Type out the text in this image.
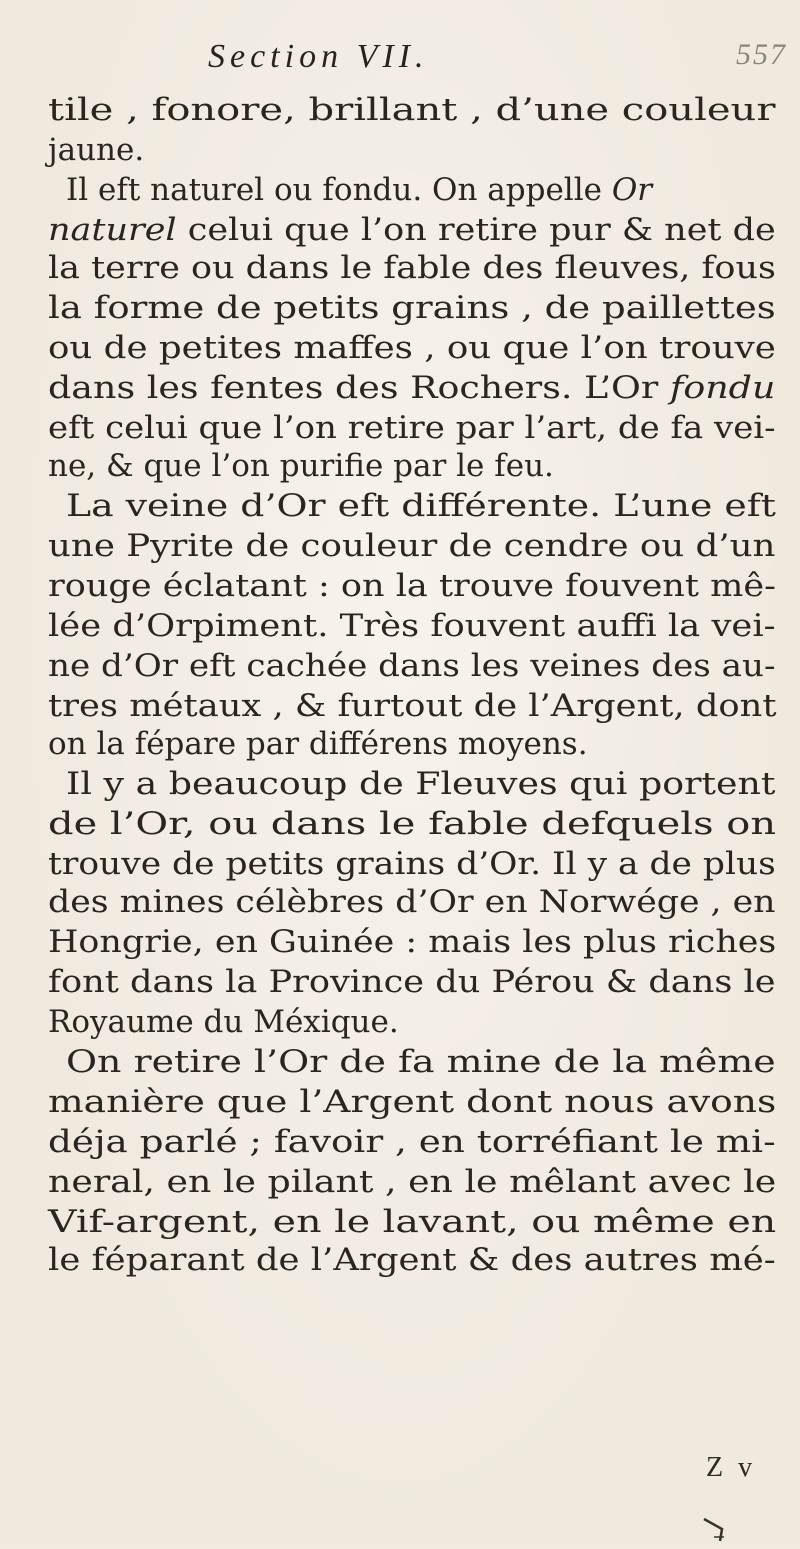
Section VII.	557
tile , fonore, brillant , d’une couleur
jaune.
Il eft naturel ou fondu. On appelle Or
naturel celui que l’on retire pur & net de
la terre ou dans le fable des fleuves, fous
la forme de petits grains , de paillettes
ou de petites maffes , ou que l’on trouve
dans les fentes des Rochers. L’Or fondu
eft celui que l’on retire par l’art, de fa vei-
ne, & que l’on purifie par le feu.
La veine d’Or eft différente. L’une eft
une Pyrite de couleur de cendre ou d’un
rouge éclatant : on la trouve fouvent mê-
lée d’Orpiment. Très fouvent auffi la vei-
ne d’Or eft cachée dans les veines des au-
tres métaux , & furtout de l’Argent, dont
on la fépare par différens moyens.
Il y a beaucoup de Fleuves qui portent
de l’Or, ou dans le fable defquels on
trouve de petits grains d’Or. Il y a de plus
des mines célèbres d’Or en Norwége , en
Hongrie, en Guinée : mais les plus riches
font dans la Province du Pérou & dans le
Royaume du Méxique.
On retire l’Or de fa mine de la même
manière que l’Argent dont nous avons
déja parlé ; favoir , en torréfiant le mi-
neral, en le pilant , en le mêlant avec le
Vif-argent, en le lavant, ou même en
le féparant de l’Argent & des autres mé-
Z v
